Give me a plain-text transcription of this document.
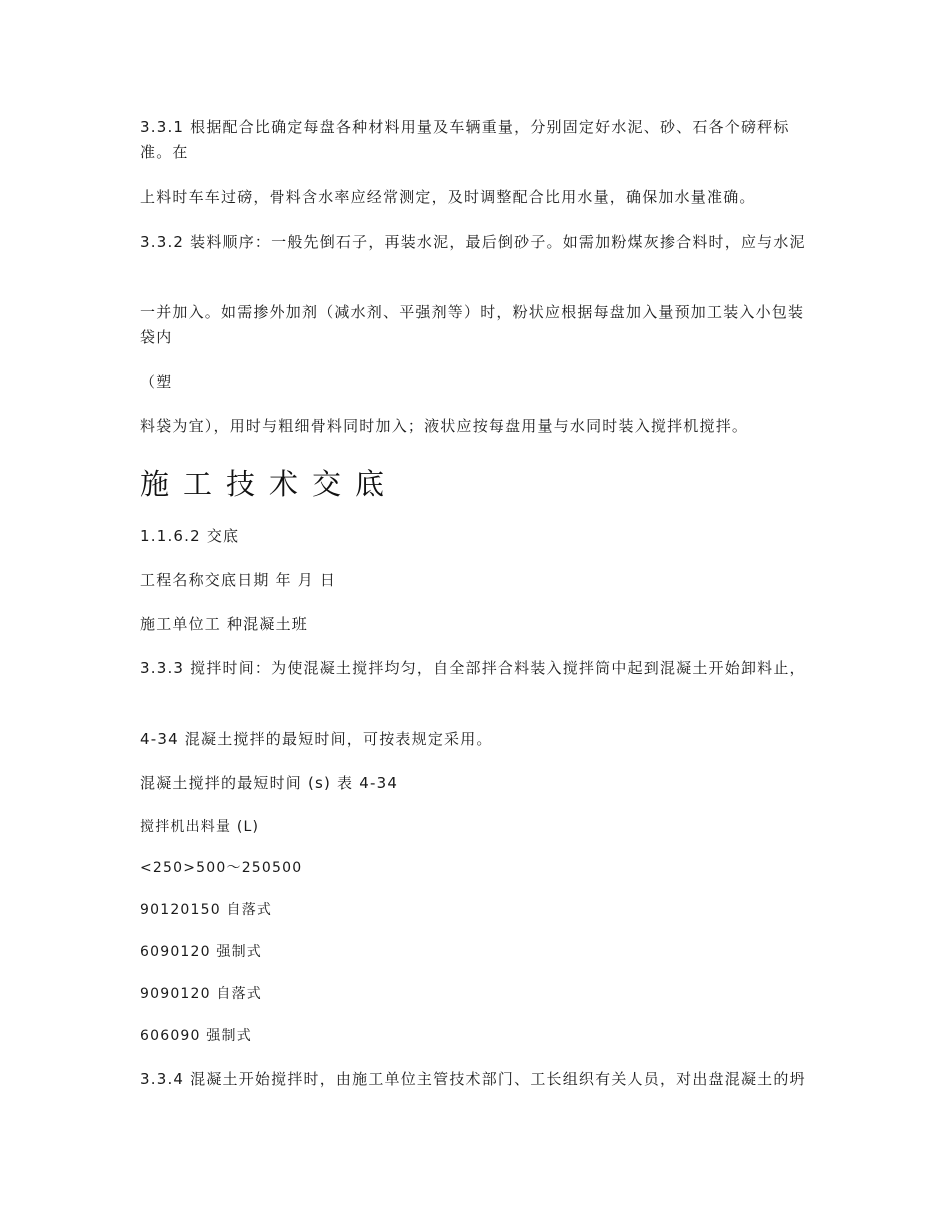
3.3.1 根据配合比确定每盘各种材料用量及车辆重量，分别固定好水泥、砂、石各个磅秤标准。在
上料时车车过磅，骨料含水率应经常测定，及时调整配合比用水量，确保加水量准确。
3.3.2 装料顺序：一般先倒石子，再装水泥，最后倒砂子。如需加粉煤灰掺合料时，应与水泥
一并加入。如需掺外加剂（减水剂、平强剂等）时，粉状应根据每盘加入量预加工装入小包装袋内
（塑
料袋为宜），用时与粗细骨料同时加入；液状应按每盘用量与水同时装入搅拌机搅拌。
施工技术交底
1.1.6.2 交底
工程名称交底日期 年 月 日
施工单位工 种混凝土班
3.3.3 搅拌时间：为使混凝土搅拌均匀，自全部拌合料装入搅拌筒中起到混凝土开始卸料止，
4-34 混凝土搅拌的最短时间，可按表规定采用。
混凝土搅拌的最短时间 (s) 表 4-34
搅拌机出料量 (L)
<250>500～250500
90120150 自落式
6090120 强制式
9090120 自落式
606090 强制式
3.3.4 混凝土开始搅拌时，由施工单位主管技术部门、工长组织有关人员，对出盘混凝土的坍
